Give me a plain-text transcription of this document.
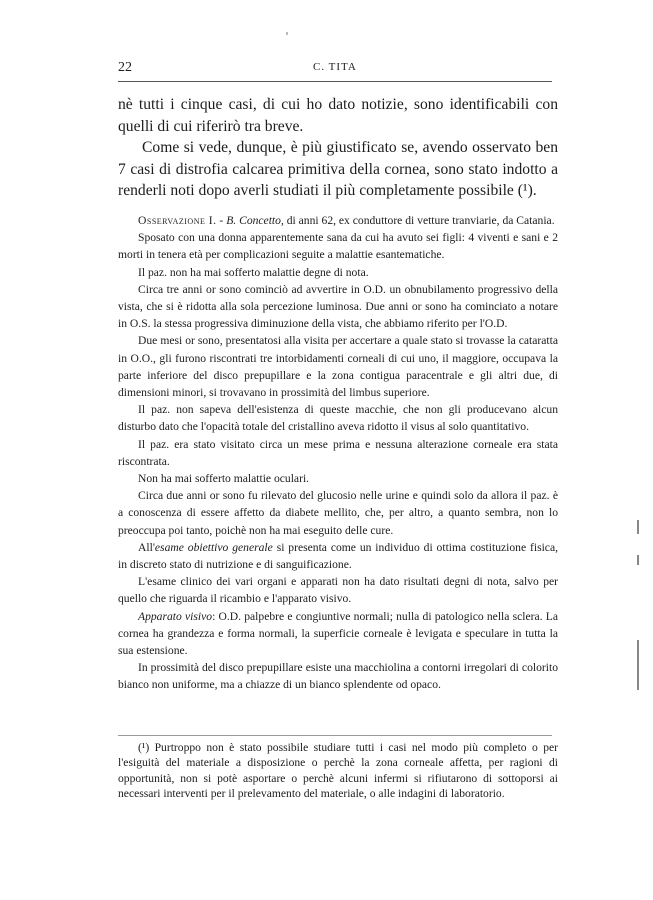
22	C. TITA

nè tutti i cinque casi, di cui ho dato notizie, sono identificabili con quelli di cui riferirò tra breve.

Come si vede, dunque, è più giustificato se, avendo osservato ben 7 casi di distrofia calcarea primitiva della cornea, sono stato indotto a renderli noti dopo averli studiati il più completamente possibile (¹).

Osservazione I. - B. Concetto, di anni 62, ex conduttore di vetture tranviarie, da Catania.

Sposato con una donna apparentemente sana da cui ha avuto sei figli: 4 viventi e sani e 2 morti in tenera età per complicazioni seguite a malattie esantematiche.

Il paz. non ha mai sofferto malattie degne di nota.

Circa tre anni or sono cominciò ad avvertire in O.D. un obnubilamento progressivo della vista, che si è ridotta alla sola percezione luminosa. Due anni or sono ha cominciato a notare in O.S. la stessa progressiva diminuzione della vista, che abbiamo riferito per l'O.D.

Due mesi or sono, presentatosi alla visita per accertare a quale stato si trovasse la cataratta in O.O., gli furono riscontrati tre intorbidamenti corneali di cui uno, il maggiore, occupava la parte inferiore del disco prepupillare e la zona contigua paracentrale e gli altri due, di dimensioni minori, si trovavano in prossimità del limbus superiore.

Il paz. non sapeva dell'esistenza di queste macchie, che non gli producevano alcun disturbo dato che l'opacità totale del cristallino aveva ridotto il visus al solo quantitativo.

Il paz. era stato visitato circa un mese prima e nessuna alterazione corneale era stata riscontrata.

Non ha mai sofferto malattie oculari.

Circa due anni or sono fu rilevato del glucosio nelle urine e quindi solo da allora il paz. è a conoscenza di essere affetto da diabete mellito, che, per altro, a quanto sembra, non lo preoccupa poi tanto, poichè non ha mai eseguito delle cure.

All'esame obiettivo generale si presenta come un individuo di ottima costituzione fisica, in discreto stato di nutrizione e di sanguificazione.

L'esame clinico dei vari organi e apparati non ha dato risultati degni di nota, salvo per quello che riguarda il ricambio e l'apparato visivo.

Apparato visivo: O.D. palpebre e congiuntive normali; nulla di patologico nella sclera. La cornea ha grandezza e forma normali, la superficie corneale è levigata e speculare in tutta la sua estensione.

In prossimità del disco prepupillare esiste una macchiolina a contorni irregolari di colorito bianco non uniforme, ma a chiazze di un bianco splendente od opaco.

(¹) Purtroppo non è stato possibile studiare tutti i casi nel modo più completo o per l'esiguità del materiale a disposizione o perchè la zona corneale affetta, per ragioni di opportunità, non si potè asportare o perchè alcuni infermi si rifiutarono di sottoporsi ai necessari interventi per il prelevamento del materiale, o alle indagini di laboratorio.
